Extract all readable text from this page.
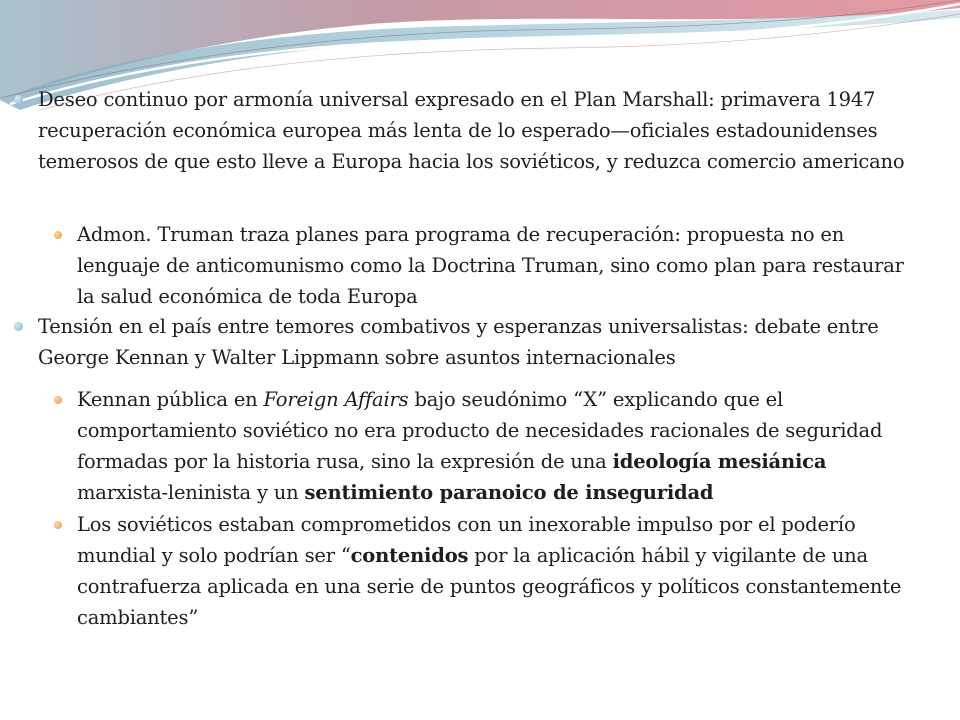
Deseo continuo por armonía universal expresado en el Plan Marshall: primavera 1947 recuperación económica europea más lenta de lo esperado—oficiales estadounidenses temerosos de que esto lleve a Europa hacia los soviéticos, y reduzca comercio americano
Admon. Truman traza planes para programa de recuperación: propuesta no en lenguaje de anticomunismo como la Doctrina Truman, sino como plan para restaurar la salud económica de toda Europa
Tensión en el país entre temores combativos y esperanzas universalistas: debate entre George Kennan y Walter Lippmann sobre asuntos internacionales
Kennan pública en Foreign Affairs bajo seudónimo “X” explicando que el comportamiento soviético no era producto de necesidades racionales de seguridad formadas por la historia rusa, sino la expresión de una ideología mesiánica marxista-leninista y un sentimiento paranoico de inseguridad
Los soviéticos estaban comprometidos con un inexorable impulso por el poderío mundial y solo podrían ser “contenidos por la aplicación hábil y vigilante de una contrafuerza aplicada en una serie de puntos geográficos y políticos constantemente cambiantes”
